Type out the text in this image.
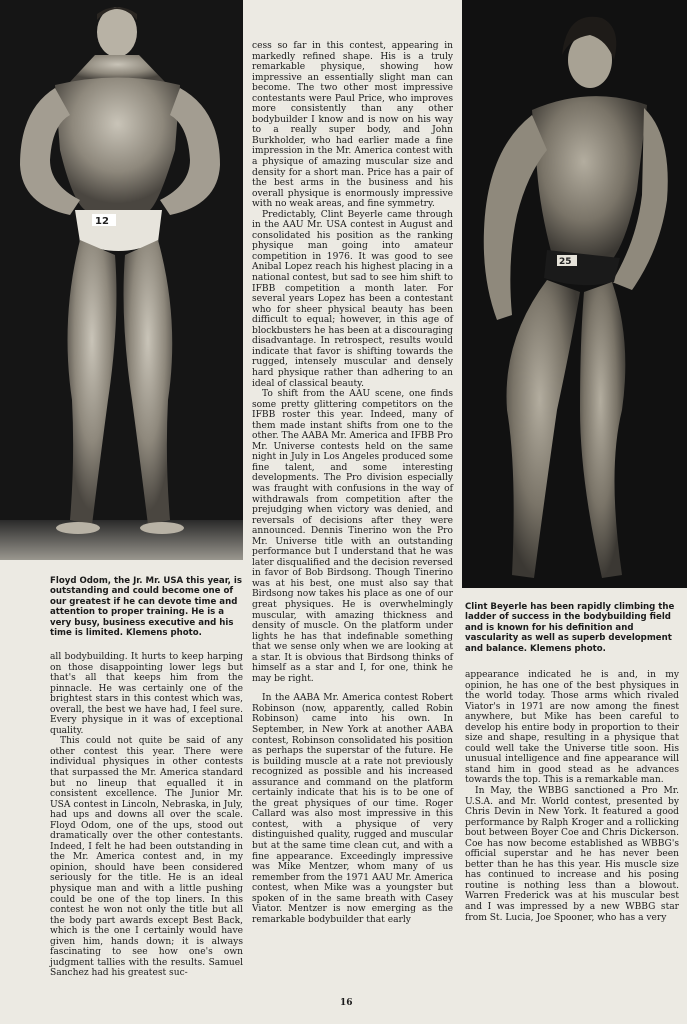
12
25
Floyd Odom, the Jr. Mr. USA this year, is outstanding and could become one of our greatest if he can devote time and attention to proper training. He is a very busy, business executive and his time is limited. Klemens photo.

all bodybuilding. It hurts to keep harping on those disappointing lower legs but that's all that keeps him from the pinnacle. He was certainly one of the brightest stars in this contest which was, overall, the best we have had, I feel sure. Every physique in it was of exceptional quality.

This could not quite be said of any other contest this year. There were individual physiques in other contests that surpassed the Mr. America standard but no lineup that equalled it in consistent excellence. The Junior Mr. USA contest in Lincoln, Nebraska, in July, had ups and downs all over the scale. Floyd Odom, one of the ups, stood out dramatically over the other contestants. Indeed, I felt he had been outstanding in the Mr. America contest and, in my opinion, should have been considered seriously for the title. He is an ideal physique man and with a little pushing could be one of the top liners. In this contest he won not only the title but all the body part awards except Best Back, which is the one I certainly would have given him, hands down; it is always fascinating to see how one's own judgment tallies with the results. Samuel Sanchez had his greatest suc-

cess so far in this contest, appearing in markedly refined shape. His is a truly remarkable physique, showing how impressive an essentially slight man can become. The two other most impressive contestants were Paul Price, who improves more consistently than any other bodybuilder I know and is now on his way to a really super body, and John Burkholder, who had earlier made a fine impression in the Mr. America contest with a physique of amazing muscular size and density for a short man. Price has a pair of the best arms in the business and his overall physique is enormously impressive with no weak areas, and fine symmetry.

Predictably, Clint Beyerle came through in the AAU Mr. USA contest in August and consolidated his position as the ranking physique man going into amateur competition in 1976. It was good to see Anibal Lopez reach his highest placing in a national contest, but sad to see him shift to IFBB competition a month later. For several years Lopez has been a contestant who for sheer physical beauty has been difficult to equal; however, in this age of blockbusters he has been at a discouraging disadvantage. In retrospect, results would indicate that favor is shifting towards the rugged, intensely muscular and densely hard physique rather than adhering to an ideal of classical beauty.

To shift from the AAU scene, one finds some pretty glittering competitors on the IFBB roster this year. Indeed, many of them made instant shifts from one to the other. The AABA Mr. America and IFBB Pro Mr. Universe contests held on the same night in July in Los Angeles produced some fine talent, and some interesting developments. The Pro division especially was fraught with confusions in the way of withdrawals from competition after the prejudging when victory was denied, and reversals of decisions after they were announced. Dennis Tinerino won the Pro Mr. Universe title with an outstanding performance but I understand that he was later disqualified and the decision reversed in favor of Bob Birdsong. Though Tinerino was at his best, one must also say that Birdsong now takes his place as one of our great physiques. He is overwhelmingly muscular, with amazing thickness and density of muscle. On the platform under lights he has that indefinable something that we sense only when we are looking at a star. It is obvious that Birdsong thinks of himself as a star and I, for one, think he may be right.

In the AABA Mr. America contest Robert Robinson (now, apparently, called Robin Robinson) came into his own. In September, in New York at another AABA contest, Robinson consolidated his position as perhaps the superstar of the future. He is building muscle at a rate not previously recognized as possible and his increased assurance and command on the platform certainly indicate that his is to be one of the great physiques of our time. Roger Callard was also most impressive in this contest, with a physique of very distinguished quality, rugged and muscular but at the same time clean cut, and with a fine appearance. Exceedingly impressive was Mike Mentzer, whom many of us remember from the 1971 AAU Mr. America contest, when Mike was a youngster but spoken of in the same breath with Casey Viator. Mentzer is now emerging as the remarkable bodybuilder that early

Clint Beyerle has been rapidly climbing the ladder of success in the bodybuilding field and is known for his definition and vascularity as well as superb development and balance. Klemens photo.

appearance indicated he is and, in my opinion, he has one of the best physiques in the world today. Those arms which rivaled Viator's in 1971 are now among the finest anywhere, but Mike has been careful to develop his entire body in proportion to their size and shape, resulting in a physique that could well take the Universe title soon. His unusual intelligence and fine appearance will stand him in good stead as he advances towards the top. This is a remarkable man.

In May, the WBBG sanctioned a Pro Mr. U.S.A. and Mr. World contest, presented by Chris Devin in New York. It featured a good performance by Ralph Kroger and a rollicking bout between Boyer Coe and Chris Dickerson. Coe has now become established as WBBG's official superstar and he has never been better than he has this year. His muscle size has continued to increase and his posing routine is nothing less than a blowout. Warren Frederick was at his muscular best and I was impressed by a new WBBG star from St. Lucia, Joe Spooner, who has a very

16
